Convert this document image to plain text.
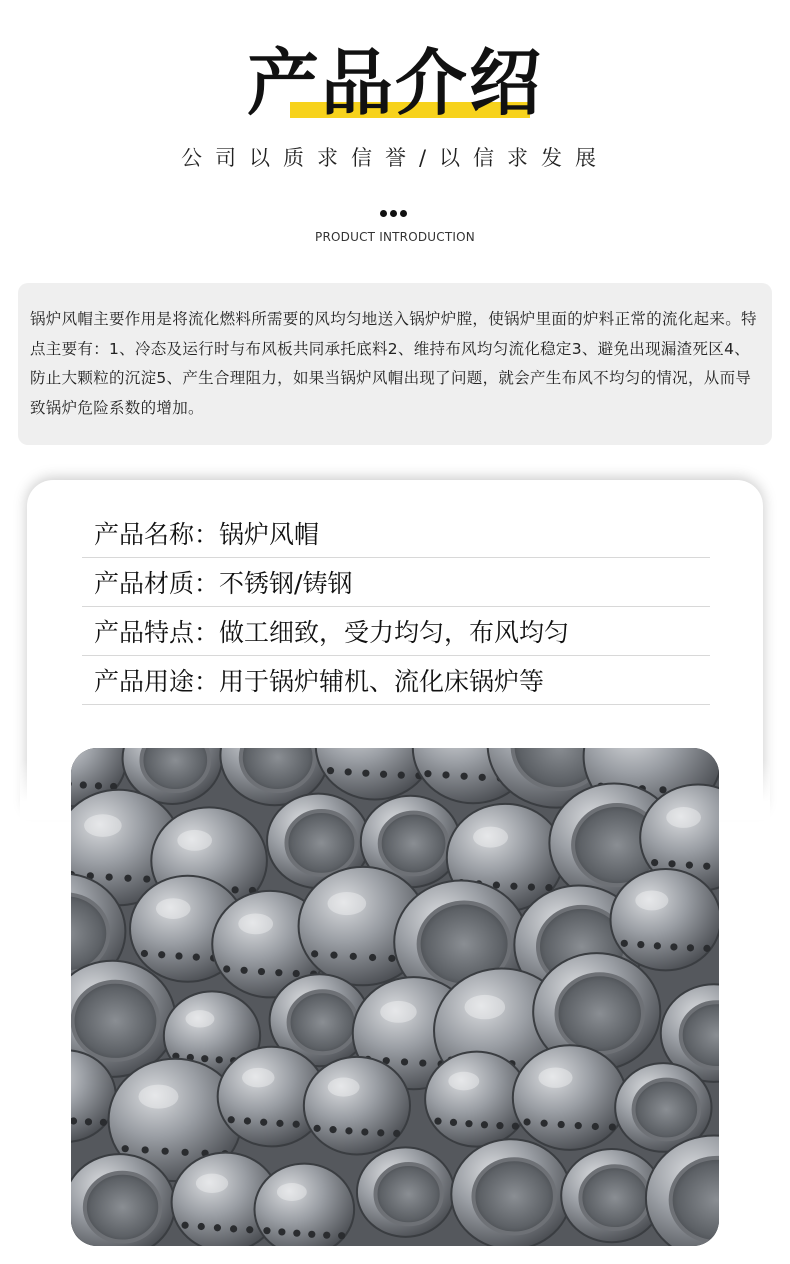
产品介绍
公司以质求信誉/以信求发展
PRODUCT INTRODUCTION

锅炉风帽主要作用是将流化燃料所需要的风均匀地送入锅炉炉膛，使锅炉里面的炉料正常的流化起来。特点主要有：1、冷态及运行时与布风板共同承托底料2、维持布风均匀流化稳定3、避免出现漏渣死区4、防止大颗粒的沉淀5、产生合理阻力，如果当锅炉风帽出现了问题，就会产生布风不均匀的情况，从而导致锅炉危险系数的增加。

产品名称： 锅炉风帽
产品材质： 不锈钢/铸钢
产品特点： 做工细致，受力均匀，布风均匀
产品用途： 用于锅炉辅机、流化床锅炉等
